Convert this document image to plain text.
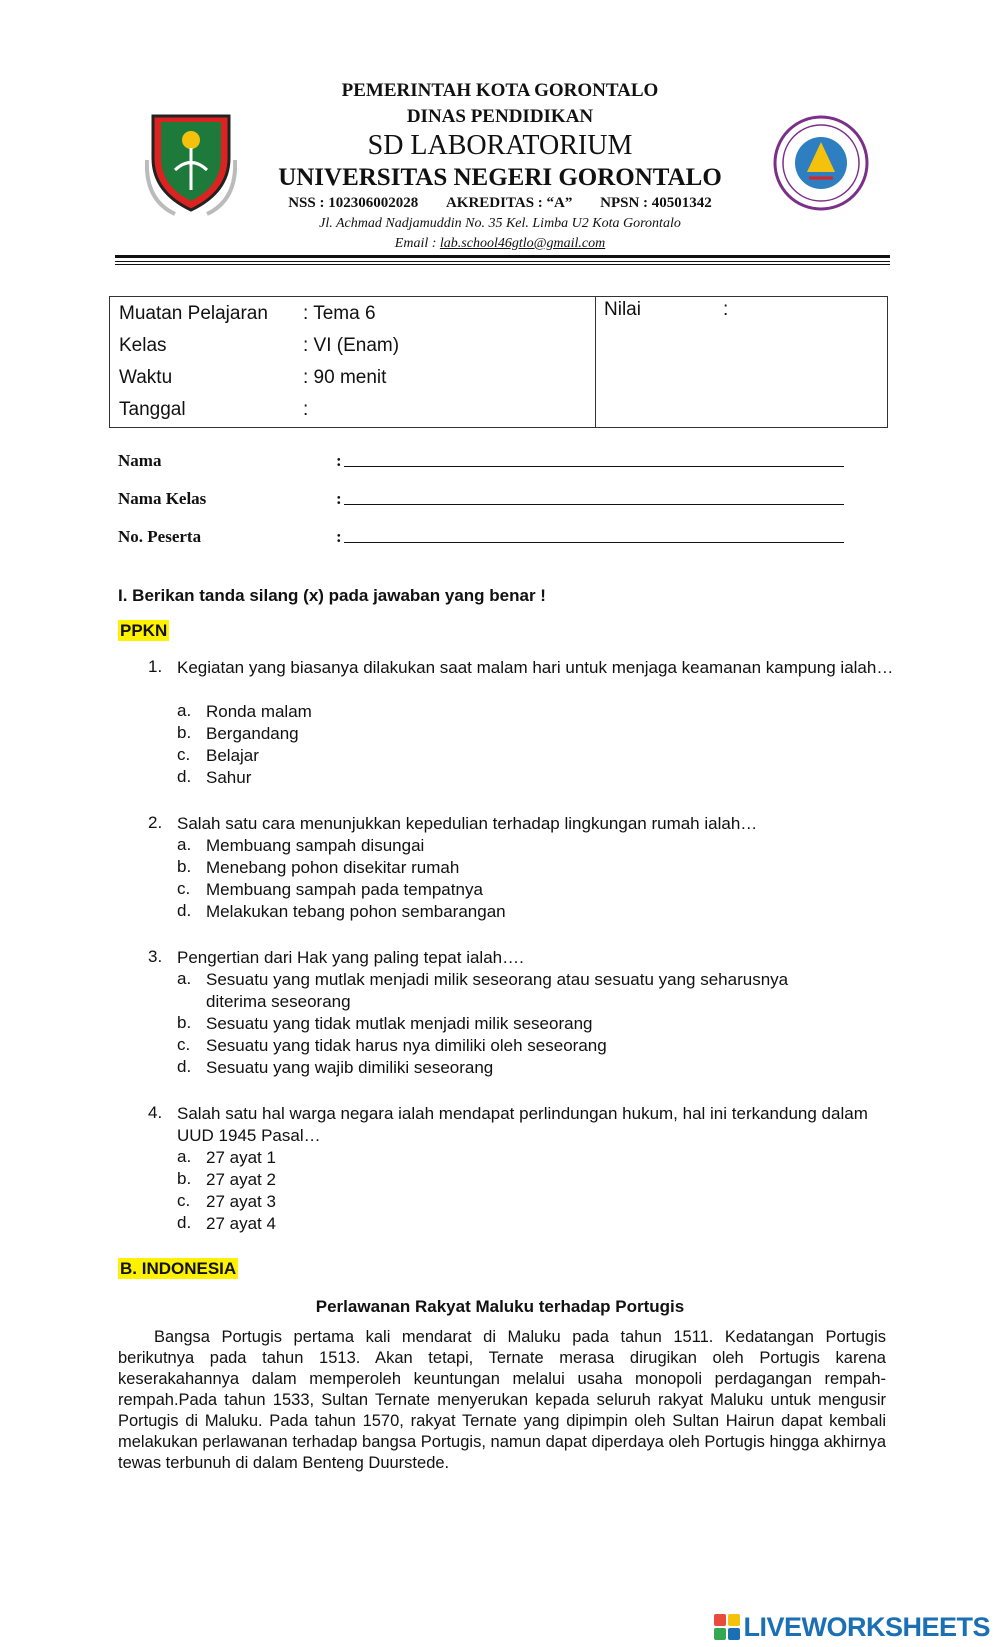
PEMERINTAH KOTA GORONTALO
DINAS PENDIDIKAN
SD LABORATORIUM
UNIVERSITAS NEGERI GORONTALO
NSS : 102306002028 AKREDITAS : “A” NPSN : 40501342
Jl. Achmad Nadjamuddin No. 35 Kel. Limba U2 Kota Gorontalo
Email : lab.school46gtlo@gmail.com
Muatan Pelajaran : Tema 6
Kelas	: VI (Enam)
Waktu	: 90 menit
Tanggal	:
Nilai	:
Nama	:
Nama Kelas	:
No. Peserta	:
I. Berikan tanda silang (x) pada jawaban yang benar !
PPKN
1. Kegiatan yang biasanya dilakukan saat malam hari untuk menjaga keamanan kampung ialah…
a. Ronda malam
b. Bergandang
c. Belajar
d. Sahur
2. Salah satu cara menunjukkan kepedulian terhadap lingkungan rumah ialah…
a. Membuang sampah disungai
b. Menebang pohon disekitar rumah
c. Membuang sampah pada tempatnya
d. Melakukan tebang pohon sembarangan
3. Pengertian dari Hak yang paling tepat ialah….
a. Sesuatu yang mutlak menjadi milik seseorang atau sesuatu yang seharusnya
diterima seseorang
b. Sesuatu yang tidak mutlak menjadi milik seseorang
c. Sesuatu yang tidak harus nya dimiliki oleh seseorang
d. Sesuatu yang wajib dimiliki seseorang
4. Salah satu hal warga negara ialah mendapat perlindungan hukum, hal ini terkandung dalam UUD 1945 Pasal…
a. 27 ayat 1
b. 27 ayat 2
c. 27 ayat 3
d. 27 ayat 4
B. INDONESIA
Perlawanan Rakyat Maluku terhadap Portugis
Bangsa Portugis pertama kali mendarat di Maluku pada tahun 1511. Kedatangan Portugis berikutnya pada tahun 1513. Akan tetapi, Ternate merasa dirugikan oleh Portugis karena keserakahannya dalam memperoleh keuntungan melalui usaha monopoli perdagangan rempah-rempah.Pada tahun 1533, Sultan Ternate menyerukan kepada seluruh rakyat Maluku untuk mengusir Portugis di Maluku. Pada tahun 1570, rakyat Ternate yang dipimpin oleh Sultan Hairun dapat kembali melakukan perlawanan terhadap bangsa Portugis, namun dapat diperdaya oleh Portugis hingga akhirnya tewas terbunuh di dalam Benteng Duurstede.
LIVEWORKSHEETS
